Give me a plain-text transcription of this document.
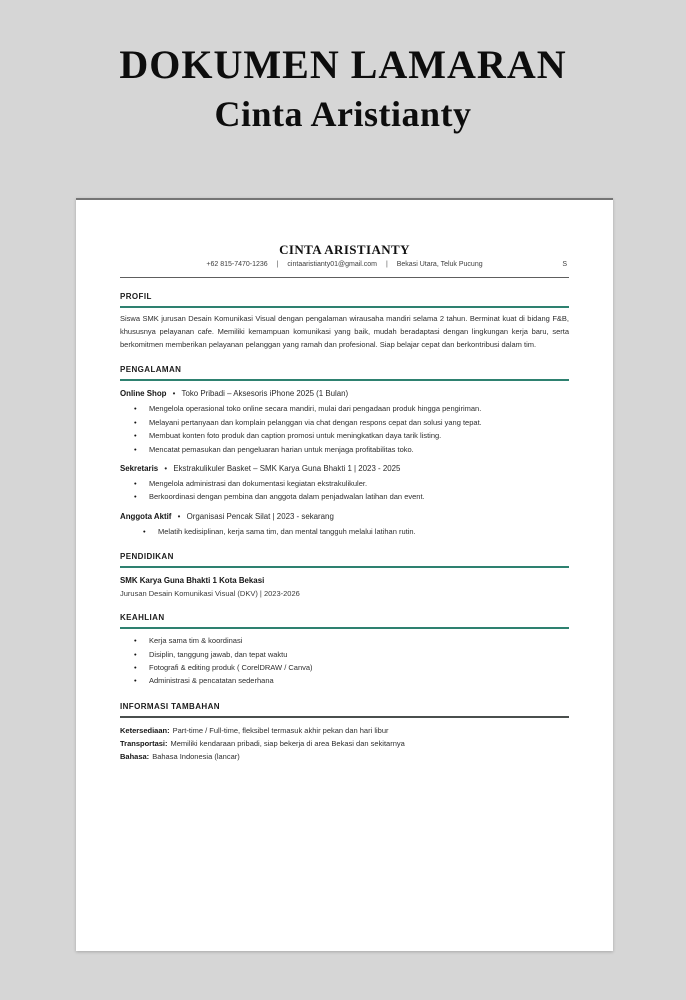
DOKUMEN LAMARAN
Cinta Aristianty
CINTA ARISTIANTY
+62 815-7470-1236 | cintaaristianty01@gmail.com | Bekasi Utara, Teluk Pucung	S
PROFIL
Siswa SMK jurusan Desain Komunikasi Visual dengan pengalaman wirausaha mandiri selama 2 tahun. Berminat kuat di bidang F&B, khususnya pelayanan cafe. Memiliki kemampuan komunikasi yang baik, mudah beradaptasi dengan lingkungan kerja baru, serta berkomitmen memberikan pelayanan pelanggan yang ramah dan profesional. Siap belajar cepat dan berkontribusi dalam tim.
PENGALAMAN
Online Shop • Toko Pribadi – Aksesoris iPhone 2025 (1 Bulan)
• Mengelola operasional toko online secara mandiri, mulai dari pengadaan produk hingga pengiriman.
• Melayani pertanyaan dan komplain pelanggan via chat dengan respons cepat dan solusi yang tepat.
• Membuat konten foto produk dan caption promosi untuk meningkatkan daya tarik listing.
• Mencatat pemasukan dan pengeluaran harian untuk menjaga profitabilitas toko.
Sekretaris • Ekstrakulikuler Basket – SMK Karya Guna Bhakti 1 | 2023 - 2025
• Mengelola administrasi dan dokumentasi kegiatan ekstrakulikuler.
• Berkoordinasi dengan pembina dan anggota dalam penjadwalan latihan dan event.
Anggota Aktif • Organisasi Pencak Silat | 2023 - sekarang
• Melatih kedisiplinan, kerja sama tim, dan mental tangguh melalui latihan rutin.
PENDIDIKAN
SMK Karya Guna Bhakti 1 Kota Bekasi
Jurusan Desain Komunikasi Visual (DKV) | 2023-2026
KEAHLIAN
• Kerja sama tim & koordinasi
• Disiplin, tanggung jawab, dan tepat waktu
• Fotografi & editing produk ( CorelDRAW / Canva)
• Administrasi & pencatatan sederhana
INFORMASI TAMBAHAN
Ketersediaan: Part-time / Full-time, fleksibel termasuk akhir pekan dan hari libur
Transportasi: Memiliki kendaraan pribadi, siap bekerja di area Bekasi dan sekitarnya
Bahasa: Bahasa Indonesia (lancar)
